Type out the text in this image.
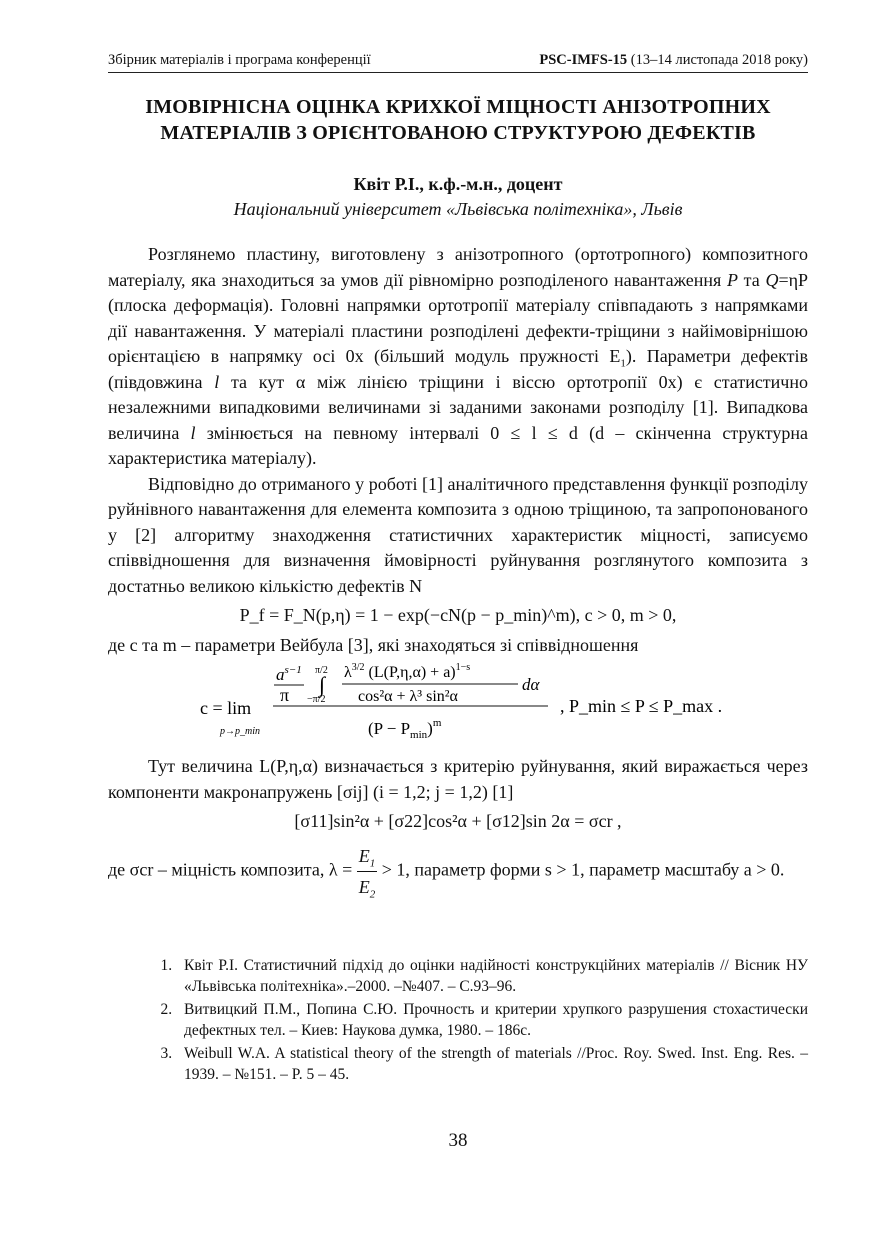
Збірник матеріалів і програма конференції	PSC-IMFS-15 (13–14 листопада 2018 року)
ІМОВІРНІСНА ОЦІНКА КРИХКОЇ МІЦНОСТІ АНІЗОТРОПНИХ
МАТЕРІАЛІВ З ОРІЄНТОВАНОЮ СТРУКТУРОЮ ДЕФЕКТІВ
Квіт Р.І., к.ф.-м.н., доцент
Національний університет «Львівська політехніка», Львів

Розглянемо пластину, виготовлену з анізотропного (ортотропного) композитного матеріалу, яка знаходиться за умов дії рівномірно розподіленого навантаження P та Q=ηP (плоска деформація). Головні напрямки ортотропії матеріалу співпадають з напрямками дії навантаження. У матеріалі пластини розподілені дефекти-тріщини з найімовірнішою орієнтацією в напрямку осі 0x (більший модуль пружності $E_1$). Параметри дефектів (півдовжина l та кут α між лінією тріщини і віссю ортотропії 0x) є статистично незалежними випадковими величинами зі заданими законами розподілу [1]. Випадкова величина l змінюється на певному інтервалі 0 ≤ l ≤ d (d – скінченна структурна характеристика матеріалу).

Відповідно до отриманого у роботі [1] аналітичного представлення функції розподілу руйнівного навантаження для елемента композита з одною тріщиною, та запропонованого у [2] алгоритму знаходження статистичних характеристик міцності, записуємо співвідношення для визначення ймовірності руйнування розглянутого композита з достатньо великою кількістю дефектів N

P_f = F_N(p,η) = 1 − exp(−cN(p − p_min)^m), c > 0, m > 0,

де c та m – параметри Вейбула [3], які знаходяться зі співвідношення

c = lim
p→p_min
$a^{s-1}$
π
π/2
∫
−π/2
$\lambda^{3/2}$ $(L(P,\eta,\alpha) + a)^{1-s}$
cos²α + λ³ sin²α
dα
$(P - P_{min})^m$
, P_min ≤ P ≤ P_max .

Тут величина L(P,η,α) визначається з критерію руйнування, який виражається через компоненти макронапружень [σij] (i = 1,2; j = 1,2) [1]

[σ11]sin²α + [σ22]cos²α + [σ12]sin 2α = σcr ,

де σcr – міцність композита, $\lambda = \frac{E_1}{E_2} > 1$, параметр форми s > 1, параметр масштабу a > 0.

1. Квіт Р.І. Статистичний підхід до оцінки надійності конструкційних матеріалів // Вісник НУ «Львівська політехніка».–2000. –№407. – С.93–96.
2. Витвицкий П.М., Попина С.Ю. Прочность и критерии хрупкого разрушения стохастически дефектных тел. – Киев: Наукова думка, 1980. – 186с.
3. Weibull W.A. A statistical theory of the strength of materials //Proc. Roy. Swed. Inst. Eng. Res. – 1939. – №151. – P. 5 – 45.
38
